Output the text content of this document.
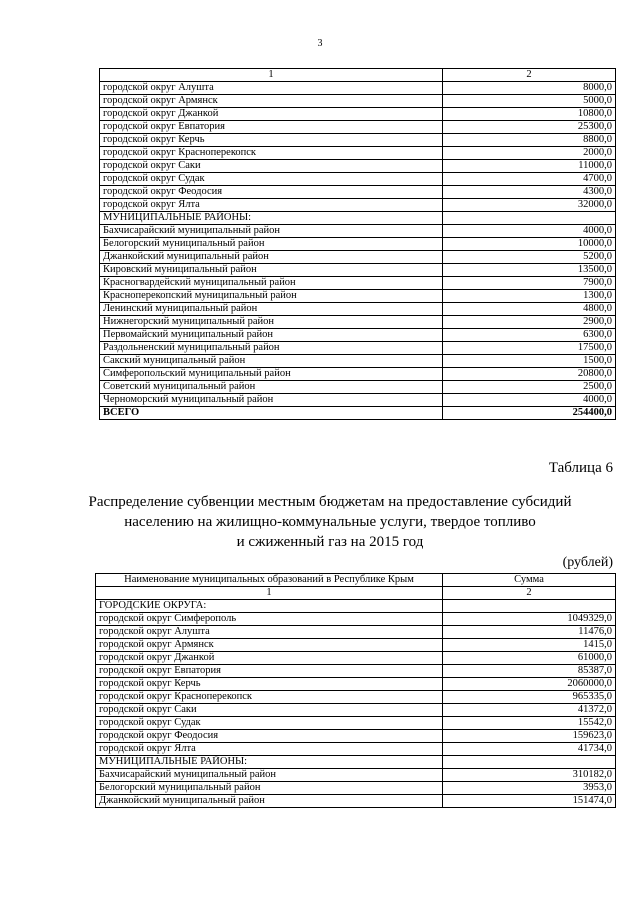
3
1	2
городской округ Алушта	8000,0
городской округ Армянск	5000,0
городской округ Джанкой	10800,0
городской округ Евпатория	25300,0
городской округ Керчь	8800,0
городской округ Красноперекопск	2000,0
городской округ Саки	11000,0
городской округ Судак	4700,0
городской округ Феодосия	4300,0
городской округ Ялта	32000,0
МУНИЦИПАЛЬНЫЕ РАЙОНЫ:	
Бахчисарайский муниципальный район	4000,0
Белогорский муниципальный район	10000,0
Джанкойский муниципальный район	5200,0
Кировский муниципальный район	13500,0
Красногвардейский муниципальный район	7900,0
Красноперекопский муниципальный район	1300,0
Ленинский муниципальный район	4800,0
Нижнегорский муниципальный район	2900,0
Первомайский муниципальный район	6300,0
Раздольненский муниципальный район	17500,0
Сакский муниципальный район	1500,0
Симферопольский муниципальный район	20800,0
Советский муниципальный район	2500,0
Черноморский муниципальный район	4000,0
ВСЕГО	254400,0
Таблица 6
Распределение субвенции местным бюджетам на предоставление субсидий
населению на жилищно-коммунальные услуги, твердое топливо
и сжиженный газ на 2015 год
(рублей)
Наименование муниципальных образований в Республике Крым	Сумма
1	2
ГОРОДСКИЕ ОКРУГА:	
городской округ Симферополь	1049329,0
городской округ Алушта	11476,0
городской округ Армянск	1415,0
городской округ Джанкой	61000,0
городской округ Евпатория	85387,0
городской округ Керчь	2060000,0
городской округ Красноперекопск	965335,0
городской округ Саки	41372,0
городской округ Судак	15542,0
городской округ Феодосия	159623,0
городской округ Ялта	41734,0
МУНИЦИПАЛЬНЫЕ РАЙОНЫ:	
Бахчисарайский муниципальный район	310182,0
Белогорский муниципальный район	3953,0
Джанкойский муниципальный район	151474,0
